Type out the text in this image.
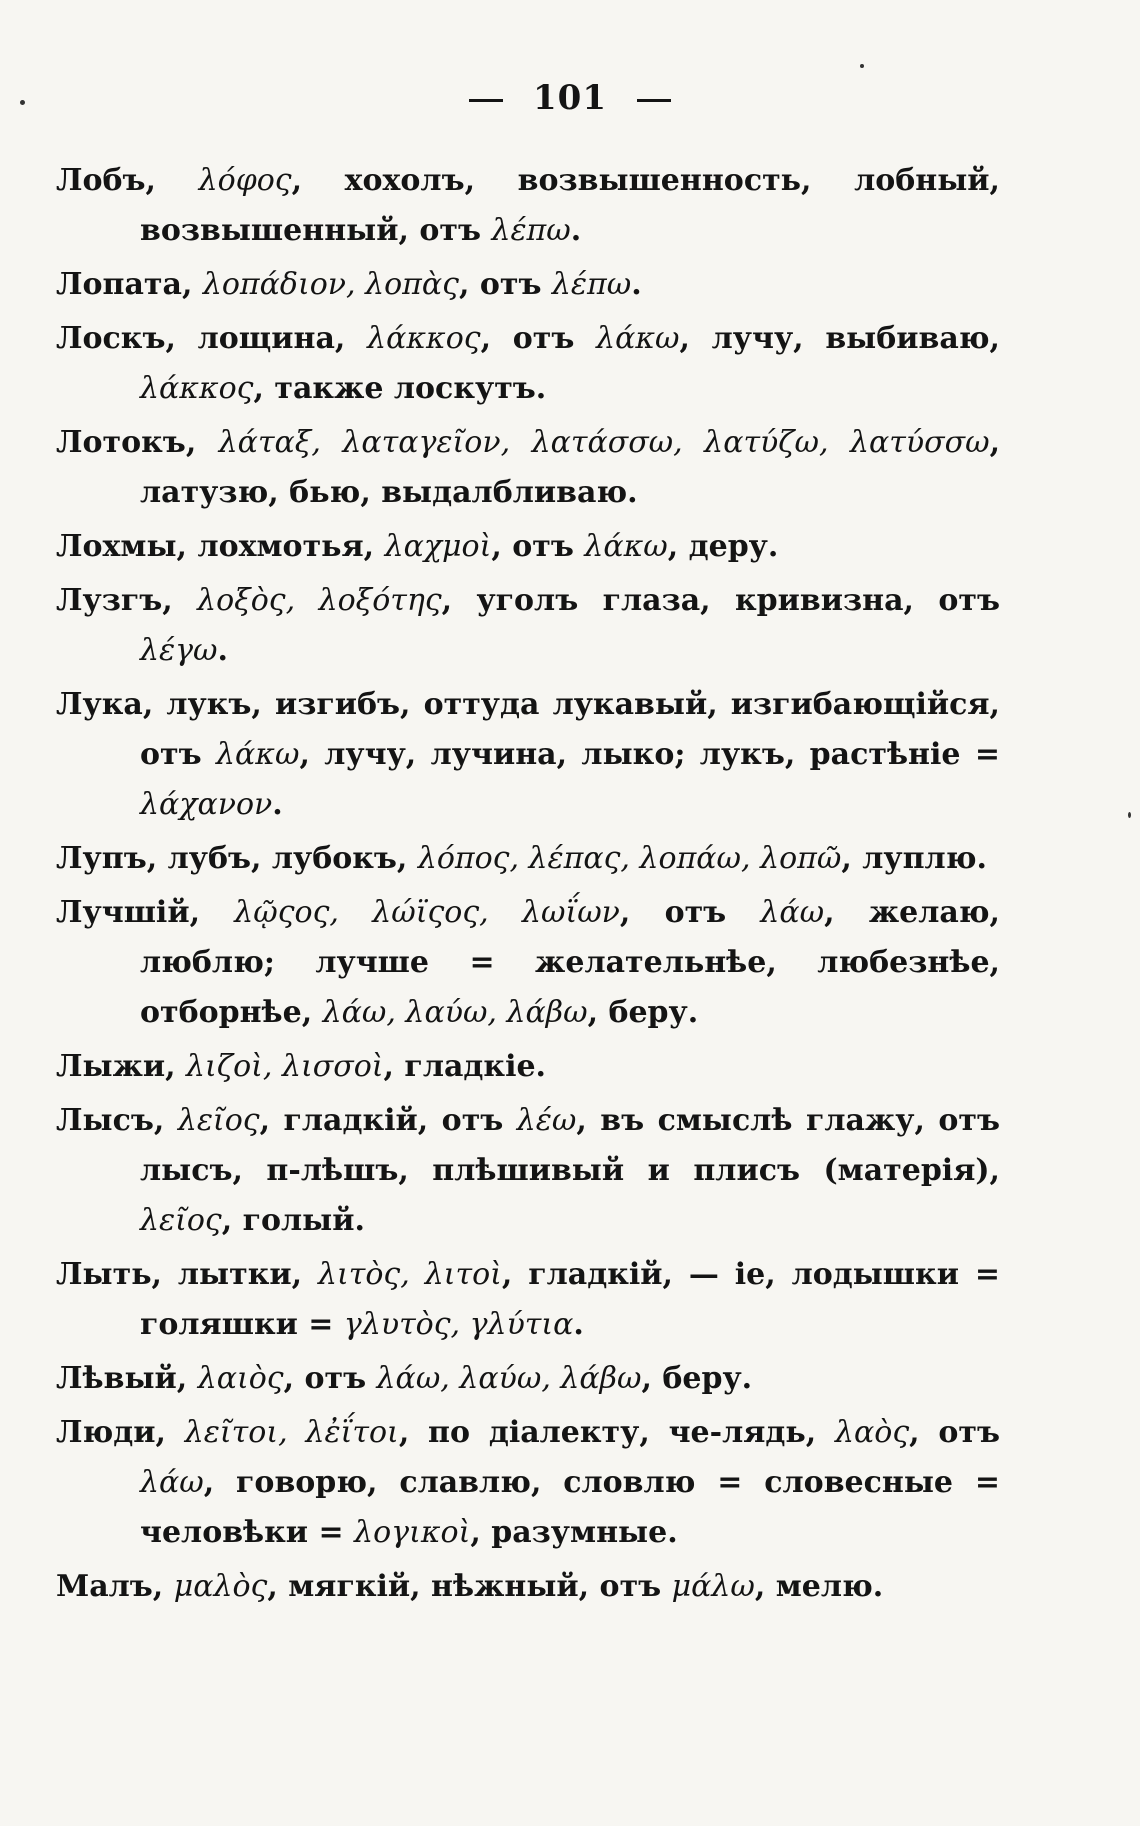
101
Лобъ, λόφος, хохолъ, возвышенность, лобный, возвышенный, отъ λέπω.
Лопата, λοπάδιον, λοπὰς, отъ λέπω.
Лоскъ, лощина, λάκκος, отъ λάκω, лучу, выбиваю, λάκκος, также лоскутъ.
Лотокъ, λάταξ, λαταγεῖον, λατάσσω, λατύζω, λατύσσω, латузю, бью, выдалбливаю.
Лохмы, лохмотья, λαχμοὶ, отъ λάκω, деру.
Лузгъ, λοξὸς, λοξότης, уголъ глаза, кривизна, отъ λέγω.
Лука, лукъ, изгибъ, оттуда лукавый, изгибающійся, отъ λάκω, лучу, лучина, лыко; лукъ, растѣніе = λάχανον.
Лупъ, лубъ, лубокъ, λόπος, λέπας, λοπάω, λοπῶ, луплю.
Лучшій, λῷςος, λώϊςος, λωΐων, отъ λάω, желаю, люблю; лучше = желательнѣе, любезнѣе, отборнѣе, λάω, λαύω, λάβω, беру.
Лыжи, λιζοὶ, λισσοὶ, гладкіе.
Лысъ, λεῖος, гладкій, отъ λέω, въ смыслѣ глажу, отъ лысъ, п-лѣшъ, плѣшивый и плисъ (матерія), λεῖος, голый.
Лыть, лытки, λιτὸς, λιτοὶ, гладкій, — іе, лодышки = голяшки = γλυτὸς, γλύτια.
Лѣвый, λαιὸς, отъ λάω, λαύω, λάβω, беру.
Люди, λεῖτοι, λἐΐτοι, по діалекту, че-лядь, λαὸς, отъ λάω, говорю, славлю, словлю = словесные = человѣки = λογικοὶ, разумные.
Малъ, μαλὸς, мягкій, нѣжный, отъ μάλω, мелю.
